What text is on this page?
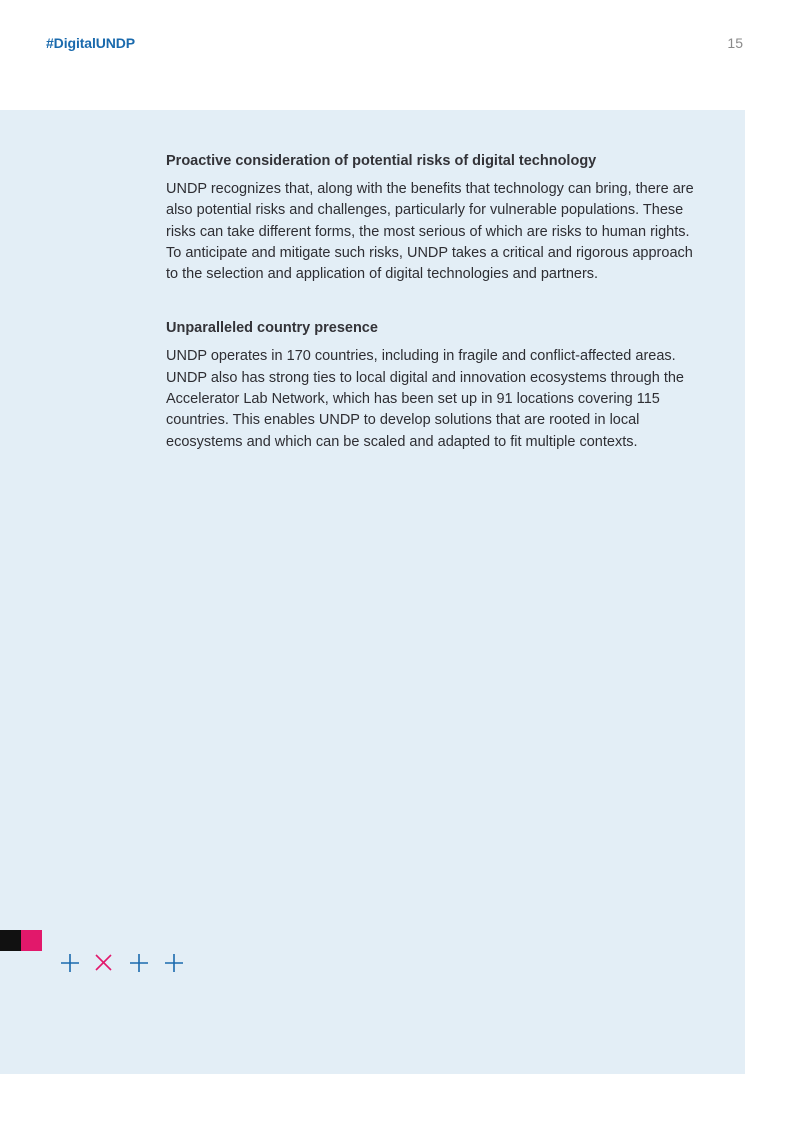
#DigitalUNDP	15

Proactive consideration of potential risks of digital technology

UNDP recognizes that, along with the benefits that technology can bring, there are also potential risks and challenges, particularly for vulnerable populations. These risks can take different forms, the most serious of which are risks to human rights. To anticipate and mitigate such risks, UNDP takes a critical and rigorous approach to the selection and application of digital technologies and partners.

Unparalleled country presence

UNDP operates in 170 countries, including in fragile and conflict-affected areas. UNDP also has strong ties to local digital and innovation ecosystems through the Accelerator Lab Network, which has been set up in 91 locations covering 115 countries. This enables UNDP to develop solutions that are rooted in local ecosystems and which can be scaled and adapted to fit multiple contexts.
